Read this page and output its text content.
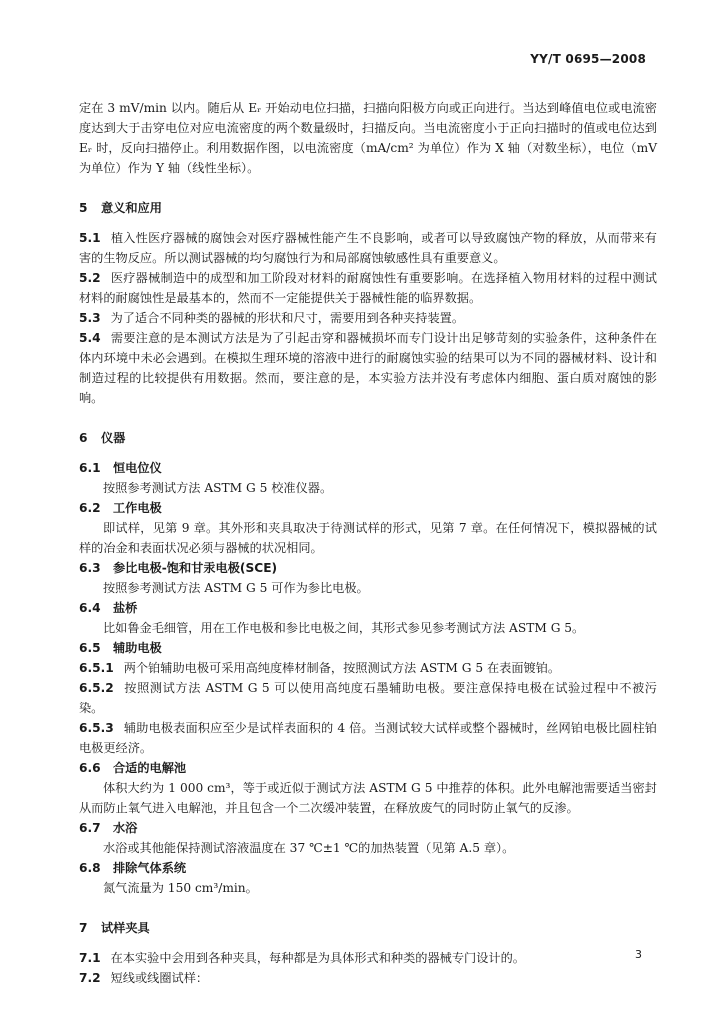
YY/T 0695—2008

定在 3 mV/min 以内。随后从 Eᵣ 开始动电位扫描，扫描向阳极方向或正向进行。当达到峰值电位或电流密度达到大于击穿电位对应电流密度的两个数量级时，扫描反向。当电流密度小于正向扫描时的值或电位达到 Eᵣ 时，反向扫描停止。利用数据作图，以电流密度（mA/cm² 为单位）作为 X 轴（对数坐标），电位（mV 为单位）作为 Y 轴（线性坐标）。

5 意义和应用

5.1 植入性医疗器械的腐蚀会对医疗器械性能产生不良影响，或者可以导致腐蚀产物的释放，从而带来有害的生物反应。所以测试器械的均匀腐蚀行为和局部腐蚀敏感性具有重要意义。

5.2 医疗器械制造中的成型和加工阶段对材料的耐腐蚀性有重要影响。在选择植入物用材料的过程中测试材料的耐腐蚀性是最基本的，然而不一定能提供关于器械性能的临界数据。

5.3 为了适合不同种类的器械的形状和尺寸，需要用到各种夹持装置。

5.4 需要注意的是本测试方法是为了引起击穿和器械损坏而专门设计出足够苛刻的实验条件，这种条件在体内环境中未必会遇到。在模拟生理环境的溶液中进行的耐腐蚀实验的结果可以为不同的器械材料、设计和制造过程的比较提供有用数据。然而，要注意的是，本实验方法并没有考虑体内细胞、蛋白质对腐蚀的影响。

6 仪器

6.1 恒电位仪

按照参考测试方法 ASTM G 5 校准仪器。

6.2 工作电极

即试样，见第 9 章。其外形和夹具取决于待测试样的形式，见第 7 章。在任何情况下，模拟器械的试样的冶金和表面状况必须与器械的状况相同。

6.3 参比电极-饱和甘汞电极(SCE)

按照参考测试方法 ASTM G 5 可作为参比电极。

6.4 盐桥

比如鲁金毛细管，用在工作电极和参比电极之间，其形式参见参考测试方法 ASTM G 5。

6.5 辅助电极

6.5.1 两个铂辅助电极可采用高纯度棒材制备，按照测试方法 ASTM G 5 在表面镀铂。

6.5.2 按照测试方法 ASTM G 5 可以使用高纯度石墨辅助电极。要注意保持电极在试验过程中不被污染。

6.5.3 辅助电极表面积应至少是试样表面积的 4 倍。当测试较大试样或整个器械时，丝网铂电极比圆柱铂电极更经济。

6.6 合适的电解池

体积大约为 1 000 cm³，等于或近似于测试方法 ASTM G 5 中推荐的体积。此外电解池需要适当密封从而防止氧气进入电解池，并且包含一个二次缓冲装置，在释放废气的同时防止氧气的反渗。

6.7 水浴

水浴或其他能保持测试溶液温度在 37 ℃±1 ℃的加热装置（见第 A.5 章）。

6.8 排除气体系统

氮气流量为 150 cm³/min。

7 试样夹具

7.1 在本实验中会用到各种夹具，每种都是为具体形式和种类的器械专门设计的。

7.2 短线或线圈试样：

3
